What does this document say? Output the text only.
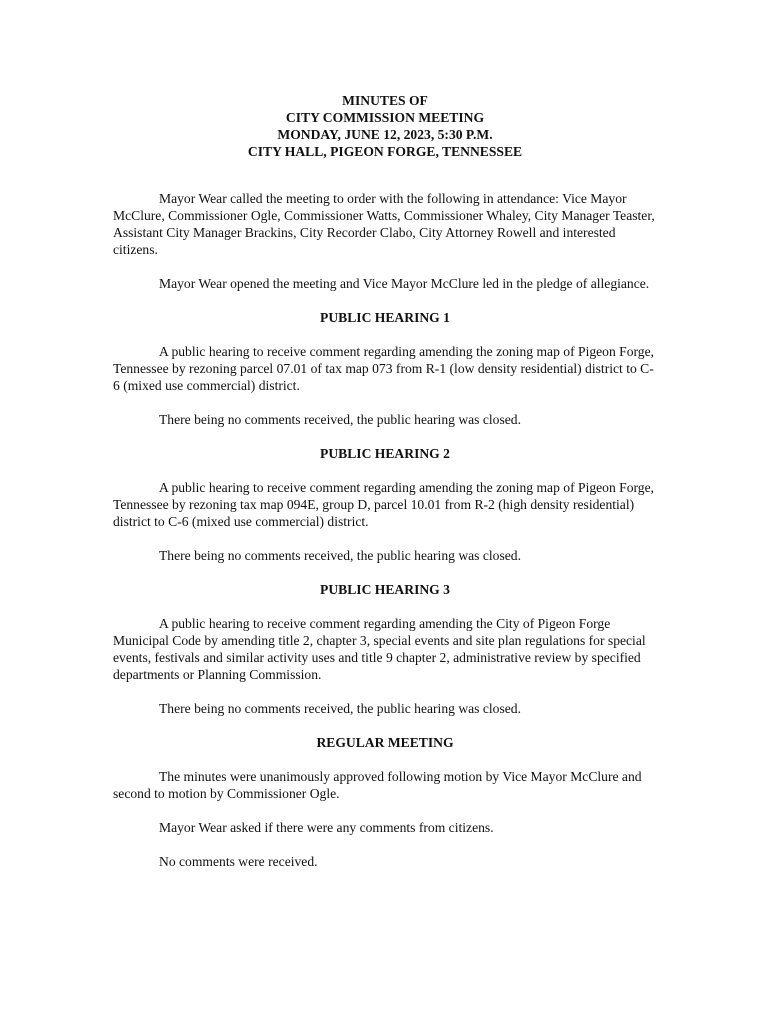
MINUTES OF
CITY COMMISSION MEETING
MONDAY, JUNE 12, 2023, 5:30 P.M.
CITY HALL, PIGEON FORGE, TENNESSEE

Mayor Wear called the meeting to order with the following in attendance: Vice Mayor McClure, Commissioner Ogle, Commissioner Watts, Commissioner Whaley, City Manager Teaster, Assistant City Manager Brackins, City Recorder Clabo, City Attorney Rowell and interested citizens.

Mayor Wear opened the meeting and Vice Mayor McClure led in the pledge of allegiance.

PUBLIC HEARING 1

A public hearing to receive comment regarding amending the zoning map of Pigeon Forge, Tennessee by rezoning parcel 07.01 of tax map 073 from R-1 (low density residential) district to C-6 (mixed use commercial) district.

There being no comments received, the public hearing was closed.

PUBLIC HEARING 2

A public hearing to receive comment regarding amending the zoning map of Pigeon Forge, Tennessee by rezoning tax map 094E, group D, parcel 10.01 from R-2 (high density residential) district to C-6 (mixed use commercial) district.

There being no comments received, the public hearing was closed.

PUBLIC HEARING 3

A public hearing to receive comment regarding amending the City of Pigeon Forge Municipal Code by amending title 2, chapter 3, special events and site plan regulations for special events, festivals and similar activity uses and title 9 chapter 2, administrative review by specified departments or Planning Commission.

There being no comments received, the public hearing was closed.

REGULAR MEETING

The minutes were unanimously approved following motion by Vice Mayor McClure and second to motion by Commissioner Ogle.

Mayor Wear asked if there were any comments from citizens.

No comments were received.
